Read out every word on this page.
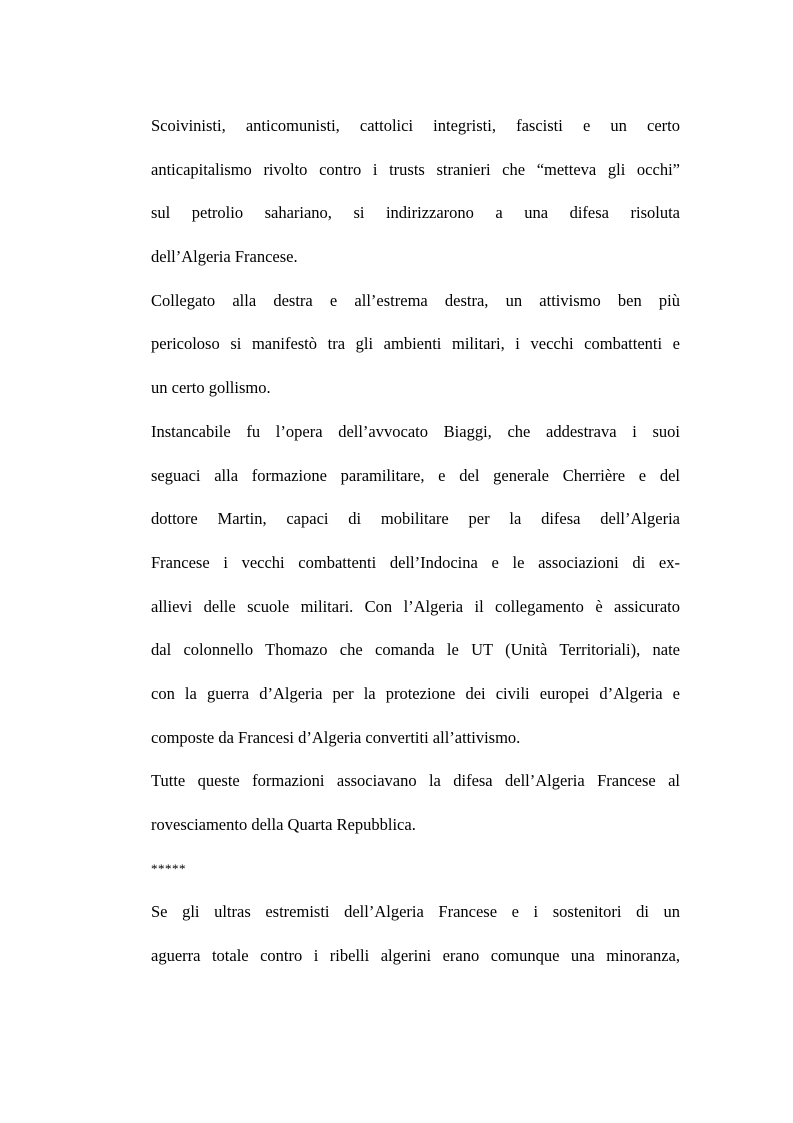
Scoivinisti, anticomunisti, cattolici integristi, fascisti e un certo
anticapitalismo rivolto contro i trusts stranieri che “metteva gli occhi”
sul petrolio sahariano, si indirizzarono a una difesa risoluta
dell’Algeria Francese.
Collegato alla destra e all’estrema destra, un attivismo ben più
pericoloso si manifestò tra gli ambienti militari, i vecchi combattenti e
un certo gollismo.
Instancabile fu l’opera dell’avvocato Biaggi, che addestrava i suoi
seguaci alla formazione paramilitare, e del generale Cherrière e del
dottore Martin, capaci di mobilitare per la difesa dell’Algeria
Francese i vecchi combattenti dell’Indocina e le associazioni di ex-
allievi delle scuole militari. Con l’Algeria il collegamento è assicurato
dal colonnello Thomazo che comanda le UT (Unità Territoriali), nate
con la guerra d’Algeria per la protezione dei civili europei d’Algeria e
composte da Francesi d’Algeria convertiti all’attivismo.
Tutte queste formazioni associavano la difesa dell’Algeria Francese al
rovesciamento della Quarta Repubblica.
*****
Se gli ultras estremisti dell’Algeria Francese e i sostenitori di un
aguerra totale contro i ribelli algerini erano comunque una minoranza,
